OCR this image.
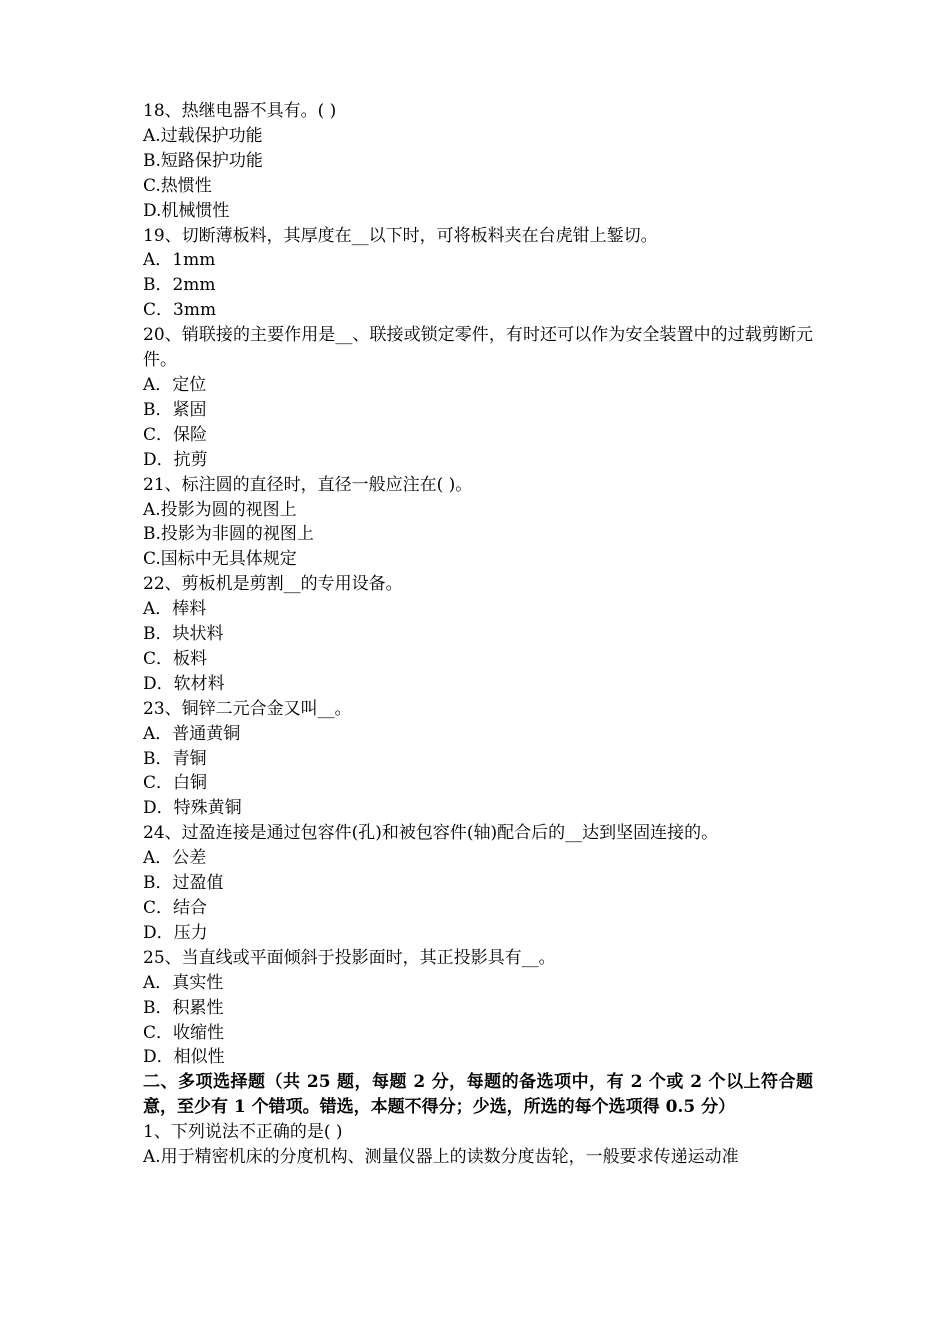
18、热继电器不具有。( )
A.过载保护功能
B.短路保护功能
C.热惯性
D.机械惯性
19、切断薄板料，其厚度在__以下时，可将板料夹在台虎钳上錾切。
A．1mm
B．2mm
C．3mm
20、销联接的主要作用是__、联接或锁定零件，有时还可以作为安全装置中的过载剪断元件。
A．定位
B．紧固
C．保险
D．抗剪
21、标注圆的直径时，直径一般应注在( )。
A.投影为圆的视图上
B.投影为非圆的视图上
C.国标中无具体规定
22、剪板机是剪割__的专用设备。
A．棒料
B．块状料
C．板料
D．软材料
23、铜锌二元合金又叫__。
A．普通黄铜
B．青铜
C．白铜
D．特殊黄铜
24、过盈连接是通过包容件(孔)和被包容件(轴)配合后的__达到坚固连接的。
A．公差
B．过盈值
C．结合
D．压力
25、当直线或平面倾斜于投影面时，其正投影具有__。
A．真实性
B．积累性
C．收缩性
D．相似性
二、多项选择题（共 25 题，每题 2 分，每题的备选项中，有 2 个或 2 个以上符合题意，至少有 1 个错项。错选，本题不得分；少选，所选的每个选项得 0.5 分）
1、下列说法不正确的是( )
A.用于精密机床的分度机构、测量仪器上的读数分度齿轮，一般要求传递运动准
